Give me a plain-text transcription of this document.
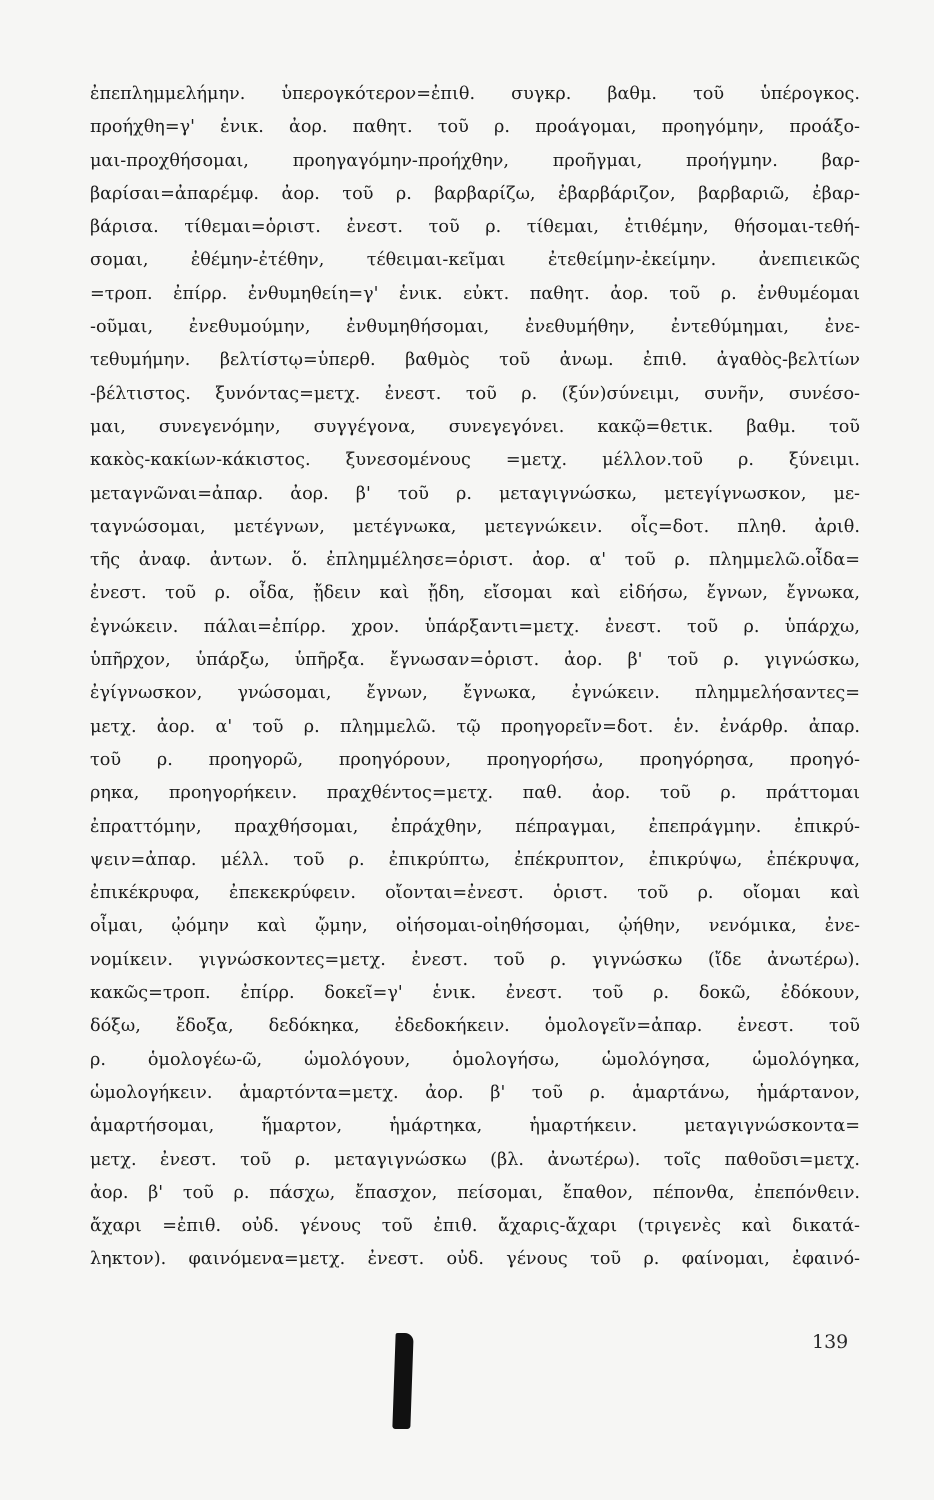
ἐπεπλημμελήμην. ὑπερογκότερον=ἐπιθ. συγκρ. βαθμ. τοῦ ὑπέρογκος.
προήχθη=γ' ἑνικ. ἀορ. παθητ. τοῦ ρ. προάγομαι, προηγόμην, προάξο-
μαι-προχθήσομαι, προηγαγόμην-προήχθην, προῆγμαι, προήγμην. βαρ-
βαρίσαι=ἀπαρέμφ. ἀορ. τοῦ ρ. βαρβαρίζω, ἐβαρβάριζον, βαρβαριῶ, ἐβαρ-
βάρισα. τίθεμαι=ὁριστ. ἐνεστ. τοῦ ρ. τίθεμαι, ἐτιθέμην, θήσομαι-τεθή-
σομαι, ἐθέμην-ἐτέθην, τέθειμαι-κεῖμαι ἐτεθείμην-ἐκείμην. ἀνεπιεικῶς
=τροπ. ἐπίρρ. ἐνθυμηθείη=γ' ἑνικ. εὐκτ. παθητ. ἀορ. τοῦ ρ. ἐνθυμέομαι
-οῦμαι, ἐνεθυμούμην, ἐνθυμηθήσομαι, ἐνεθυμήθην, ἐντεθύμημαι, ἐνε-
τεθυμήμην. βελτίστῳ=ὑπερθ. βαθμὸς τοῦ ἀνωμ. ἐπιθ. ἀγαθὸς-βελτίων
-βέλτιστος. ξυνόντας=μετχ. ἐνεστ. τοῦ ρ. (ξύν)σύνειμι, συνῆν, συνέσο-
μαι, συνεγενόμην, συγγέγονα, συνεγεγόνει. κακῷ=θετικ. βαθμ. τοῦ
κακὸς-κακίων-κάκιστος. ξυνεσομένους =μετχ. μέλλον.τοῦ ρ. ξύνειμι.
μεταγνῶναι=ἀπαρ. ἀορ. β' τοῦ ρ. μεταγιγνώσκω, μετεγίγνωσκον, με-
ταγνώσομαι, μετέγνων, μετέγνωκα, μετεγνώκειν. οἷς=δοτ. πληθ. ἀριθ.
τῆς ἀναφ. ἀντων. ὅ. ἐπλημμέλησε=ὁριστ. ἀορ. α' τοῦ ρ. πλημμελῶ.οἶδα=
ἐνεστ. τοῦ ρ. οἶδα, ᾔδειν καὶ ᾔδη, εἴσομαι καὶ εἰδήσω, ἔγνων, ἔγνωκα,
ἐγνώκειν. πάλαι=ἐπίρρ. χρον. ὑπάρξαντι=μετχ. ἐνεστ. τοῦ ρ. ὑπάρχω,
ὑπῆρχον, ὑπάρξω, ὑπῆρξα. ἔγνωσαν=ὁριστ. ἀορ. β' τοῦ ρ. γιγνώσκω,
ἐγίγνωσκον, γνώσομαι, ἔγνων, ἔγνωκα, ἐγνώκειν. πλημμελήσαντες=
μετχ. ἀορ. α' τοῦ ρ. πλημμελῶ. τῷ προηγορεῖν=δοτ. ἑν. ἐνάρθρ. ἀπαρ.
τοῦ ρ. προηγορῶ, προηγόρουν, προηγορήσω, προηγόρησα, προηγό-
ρηκα, προηγορήκειν. πραχθέντος=μετχ. παθ. ἀορ. τοῦ ρ. πράττομαι
ἐπραττόμην, πραχθήσομαι, ἐπράχθην, πέπραγμαι, ἐπεπράγμην. ἐπικρύ-
ψειν=ἀπαρ. μέλλ. τοῦ ρ. ἐπικρύπτω, ἐπέκρυπτον, ἐπικρύψω, ἐπέκρυψα,
ἐπικέκρυφα, ἐπεκεκρύφειν. οἴονται=ἐνεστ. ὁριστ. τοῦ ρ. οἴομαι καὶ
οἶμαι, ᾠόμην καὶ ᾤμην, οἰήσομαι-οἰηθήσομαι, ᾠήθην, νενόμικα, ἐνε-
νομίκειν. γιγνώσκοντες=μετχ. ἐνεστ. τοῦ ρ. γιγνώσκω (ἴδε ἀνωτέρω).
κακῶς=τροπ. ἐπίρρ. δοκεῖ=γ' ἑνικ. ἐνεστ. τοῦ ρ. δοκῶ, ἐδόκουν,
δόξω, ἔδοξα, δεδόκηκα, ἐδεδοκήκειν. ὁμολογεῖν=ἀπαρ. ἐνεστ. τοῦ
ρ. ὁμολογέω-ῶ, ὡμολόγουν, ὁμολογήσω, ὡμολόγησα, ὡμολόγηκα,
ὡμολογήκειν. ἁμαρτόντα=μετχ. ἀορ. β' τοῦ ρ. ἁμαρτάνω, ἡμάρτανον,
ἁμαρτήσομαι, ἥμαρτον, ἡμάρτηκα, ἡμαρτήκειν. μεταγιγνώσκοντα=
μετχ. ἐνεστ. τοῦ ρ. μεταγιγνώσκω (βλ. ἀνωτέρω). τοῖς παθοῦσι=μετχ.
ἀορ. β' τοῦ ρ. πάσχω, ἔπασχον, πείσομαι, ἔπαθον, πέπονθα, ἐπεπόνθειν.
ἄχαρι =ἐπιθ. οὐδ. γένους τοῦ ἐπιθ. ἄχαρις-ἄχαρι (τριγενὲς καὶ δικατά-
ληκτον). φαινόμενα=μετχ. ἐνεστ. οὐδ. γένους τοῦ ρ. φαίνομαι, ἐφαινό-
139
